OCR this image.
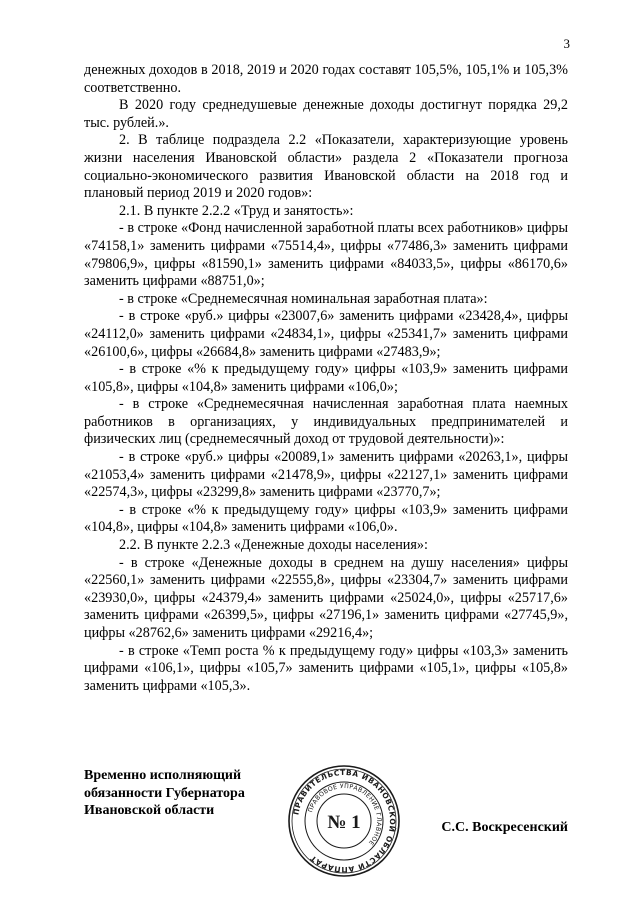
3

денежных доходов в 2018, 2019 и 2020 годах составят 105,5%, 105,1% и 105,3% соответственно.

В 2020 году среднедушевые денежные доходы достигнут порядка 29,2 тыс. рублей.».

2. В таблице подраздела 2.2 «Показатели, характеризующие уровень жизни населения Ивановской области» раздела 2 «Показатели прогноза социально-экономического развития Ивановской области на 2018 год и плановый период 2019 и 2020 годов»:

2.1. В пункте 2.2.2 «Труд и занятость»:

- в строке «Фонд начисленной заработной платы всех работников» цифры «74158,1» заменить цифрами «75514,4», цифры «77486,3» заменить цифрами «79806,9», цифры «81590,1» заменить цифрами «84033,5», цифры «86170,6» заменить цифрами «88751,0»;

- в строке «Среднемесячная номинальная заработная плата»:

- в строке «руб.» цифры «23007,6» заменить цифрами «23428,4», цифры «24112,0» заменить цифрами «24834,1», цифры «25341,7» заменить цифрами «26100,6», цифры «26684,8» заменить цифрами «27483,9»;

- в строке «% к предыдущему году» цифры «103,9» заменить цифрами «105,8», цифры «104,8» заменить цифрами «106,0»;

- в строке «Среднемесячная начисленная заработная плата наемных работников в организациях, у индивидуальных предпринимателей и физических лиц (среднемесячный доход от трудовой деятельности)»:

- в строке «руб.» цифры «20089,1» заменить цифрами «20263,1», цифры «21053,4» заменить цифрами «21478,9», цифры «22127,1» заменить цифрами «22574,3», цифры «23299,8» заменить цифрами «23770,7»;

- в строке «% к предыдущему году» цифры «103,9» заменить цифрами «104,8», цифры «104,8» заменить цифрами «106,0».

2.2. В пункте 2.2.3 «Денежные доходы населения»:

- в строке «Денежные доходы в среднем на душу населения» цифры «22560,1» заменить цифрами «22555,8», цифры «23304,7» заменить цифрами «23930,0», цифры «24379,4» заменить цифрами «25024,0», цифры «25717,6» заменить цифрами «26399,5», цифры «27196,1» заменить цифрами «27745,9», цифры «28762,6» заменить цифрами «29216,4»;

- в строке «Темп роста % к предыдущему году» цифры «103,3» заменить цифрами «106,1», цифры «105,7» заменить цифрами «105,1», цифры «105,8» заменить цифрами «105,3».

Временно исполняющий
обязанности Губернатора
Ивановской области	ПРАВИТЕЛЬСТВА ИВАНОВСКОЙ ОБЛАСТИ АППАРАТ
ПРАВОВОЕ УПРАВЛЕНИЕ ГЛАВНОЕ
№ 1	С.С. Воскресенский
